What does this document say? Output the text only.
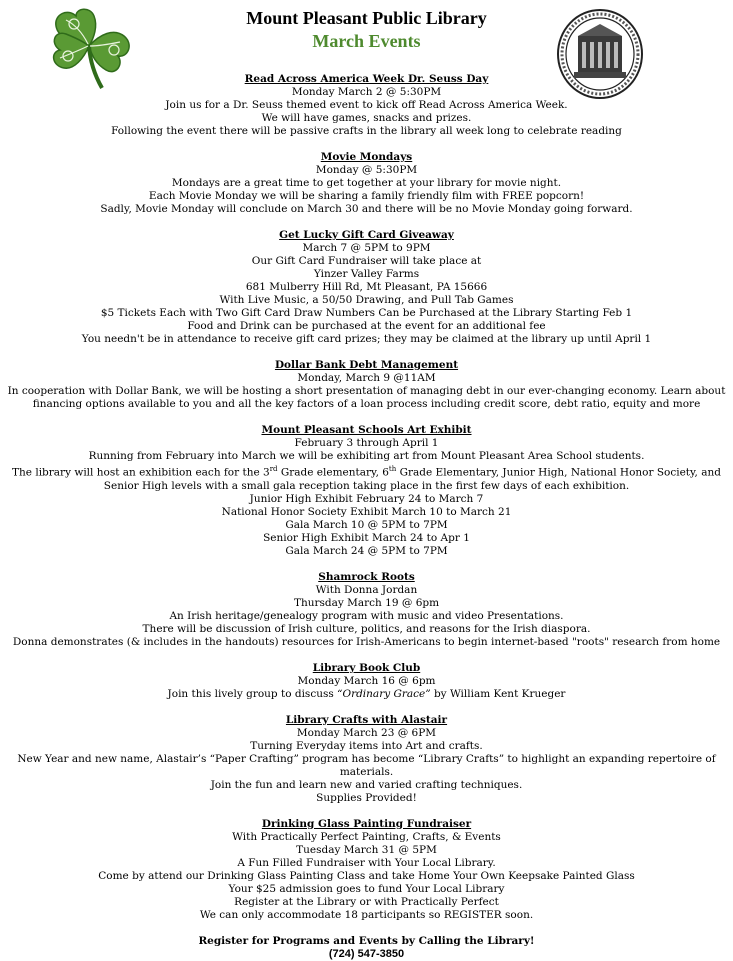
Mount Pleasant Public Library
March Events
Read Across America Week Dr. Seuss Day
Monday March 2 @ 5:30PM
Join us for a Dr. Seuss themed event to kick off Read Across America Week.
We will have games, snacks and prizes.
Following the event there will be passive crafts in the library all week long to celebrate reading
Movie Mondays
Monday @ 5:30PM
Mondays are a great time to get together at your library for movie night.
Each Movie Monday we will be sharing a family friendly film with FREE popcorn!
Sadly, Movie Monday will conclude on March 30 and there will be no Movie Monday going forward.
Get Lucky Gift Card Giveaway
March 7 @ 5PM to 9PM
Our Gift Card Fundraiser will take place at
Yinzer Valley Farms
681 Mulberry Hill Rd, Mt Pleasant, PA 15666
With Live Music, a 50/50 Drawing, and Pull Tab Games
$5 Tickets Each with Two Gift Card Draw Numbers Can be Purchased at the Library Starting Feb 1
Food and Drink can be purchased at the event for an additional fee
You needn't be in attendance to receive gift card prizes; they may be claimed at the library up until April 1
Dollar Bank Debt Management
Monday, March 9 @11AM
In cooperation with Dollar Bank, we will be hosting a short presentation of managing debt in our ever-changing economy. Learn about financing options available to you and all the key factors of a loan process including credit score, debt ratio, equity and more
Mount Pleasant Schools Art Exhibit
February 3 through April 1
Running from February into March we will be exhibiting art from Mount Pleasant Area School students.
The library will host an exhibition each for the 3rd Grade elementary, 6th Grade Elementary, Junior High, National Honor Society, and Senior High levels with a small gala reception taking place in the first few days of each exhibition.
Junior High Exhibit February 24 to March 7
National Honor Society Exhibit March 10 to March 21
Gala March 10 @ 5PM to 7PM
Senior High Exhibit March 24 to Apr 1
Gala March 24 @ 5PM to 7PM
Shamrock Roots
With Donna Jordan
Thursday March 19 @ 6pm
An Irish heritage/genealogy program with music and video Presentations.
There will be discussion of Irish culture, politics, and reasons for the Irish diaspora.
Donna demonstrates (& includes in the handouts) resources for Irish-Americans to begin internet-based "roots" research from home
Library Book Club
Monday March 16 @ 6pm
Join this lively group to discuss “Ordinary Grace” by William Kent Krueger
Library Crafts with Alastair
Monday March 23 @ 6PM
Turning Everyday items into Art and crafts.
New Year and new name, Alastair’s “Paper Crafting” program has become “Library Crafts” to highlight an expanding repertoire of materials.
Join the fun and learn new and varied crafting techniques.
Supplies Provided!
Drinking Glass Painting Fundraiser
With Practically Perfect Painting, Crafts, & Events
Tuesday March 31 @ 5PM
A Fun Filled Fundraiser with Your Local Library.
Come by attend our Drinking Glass Painting Class and take Home Your Own Keepsake Painted Glass
Your $25 admission goes to fund Your Local Library
Register at the Library or with Practically Perfect
We can only accommodate 18 participants so REGISTER soon.
Register for Programs and Events by Calling the Library!
(724) 547-3850
